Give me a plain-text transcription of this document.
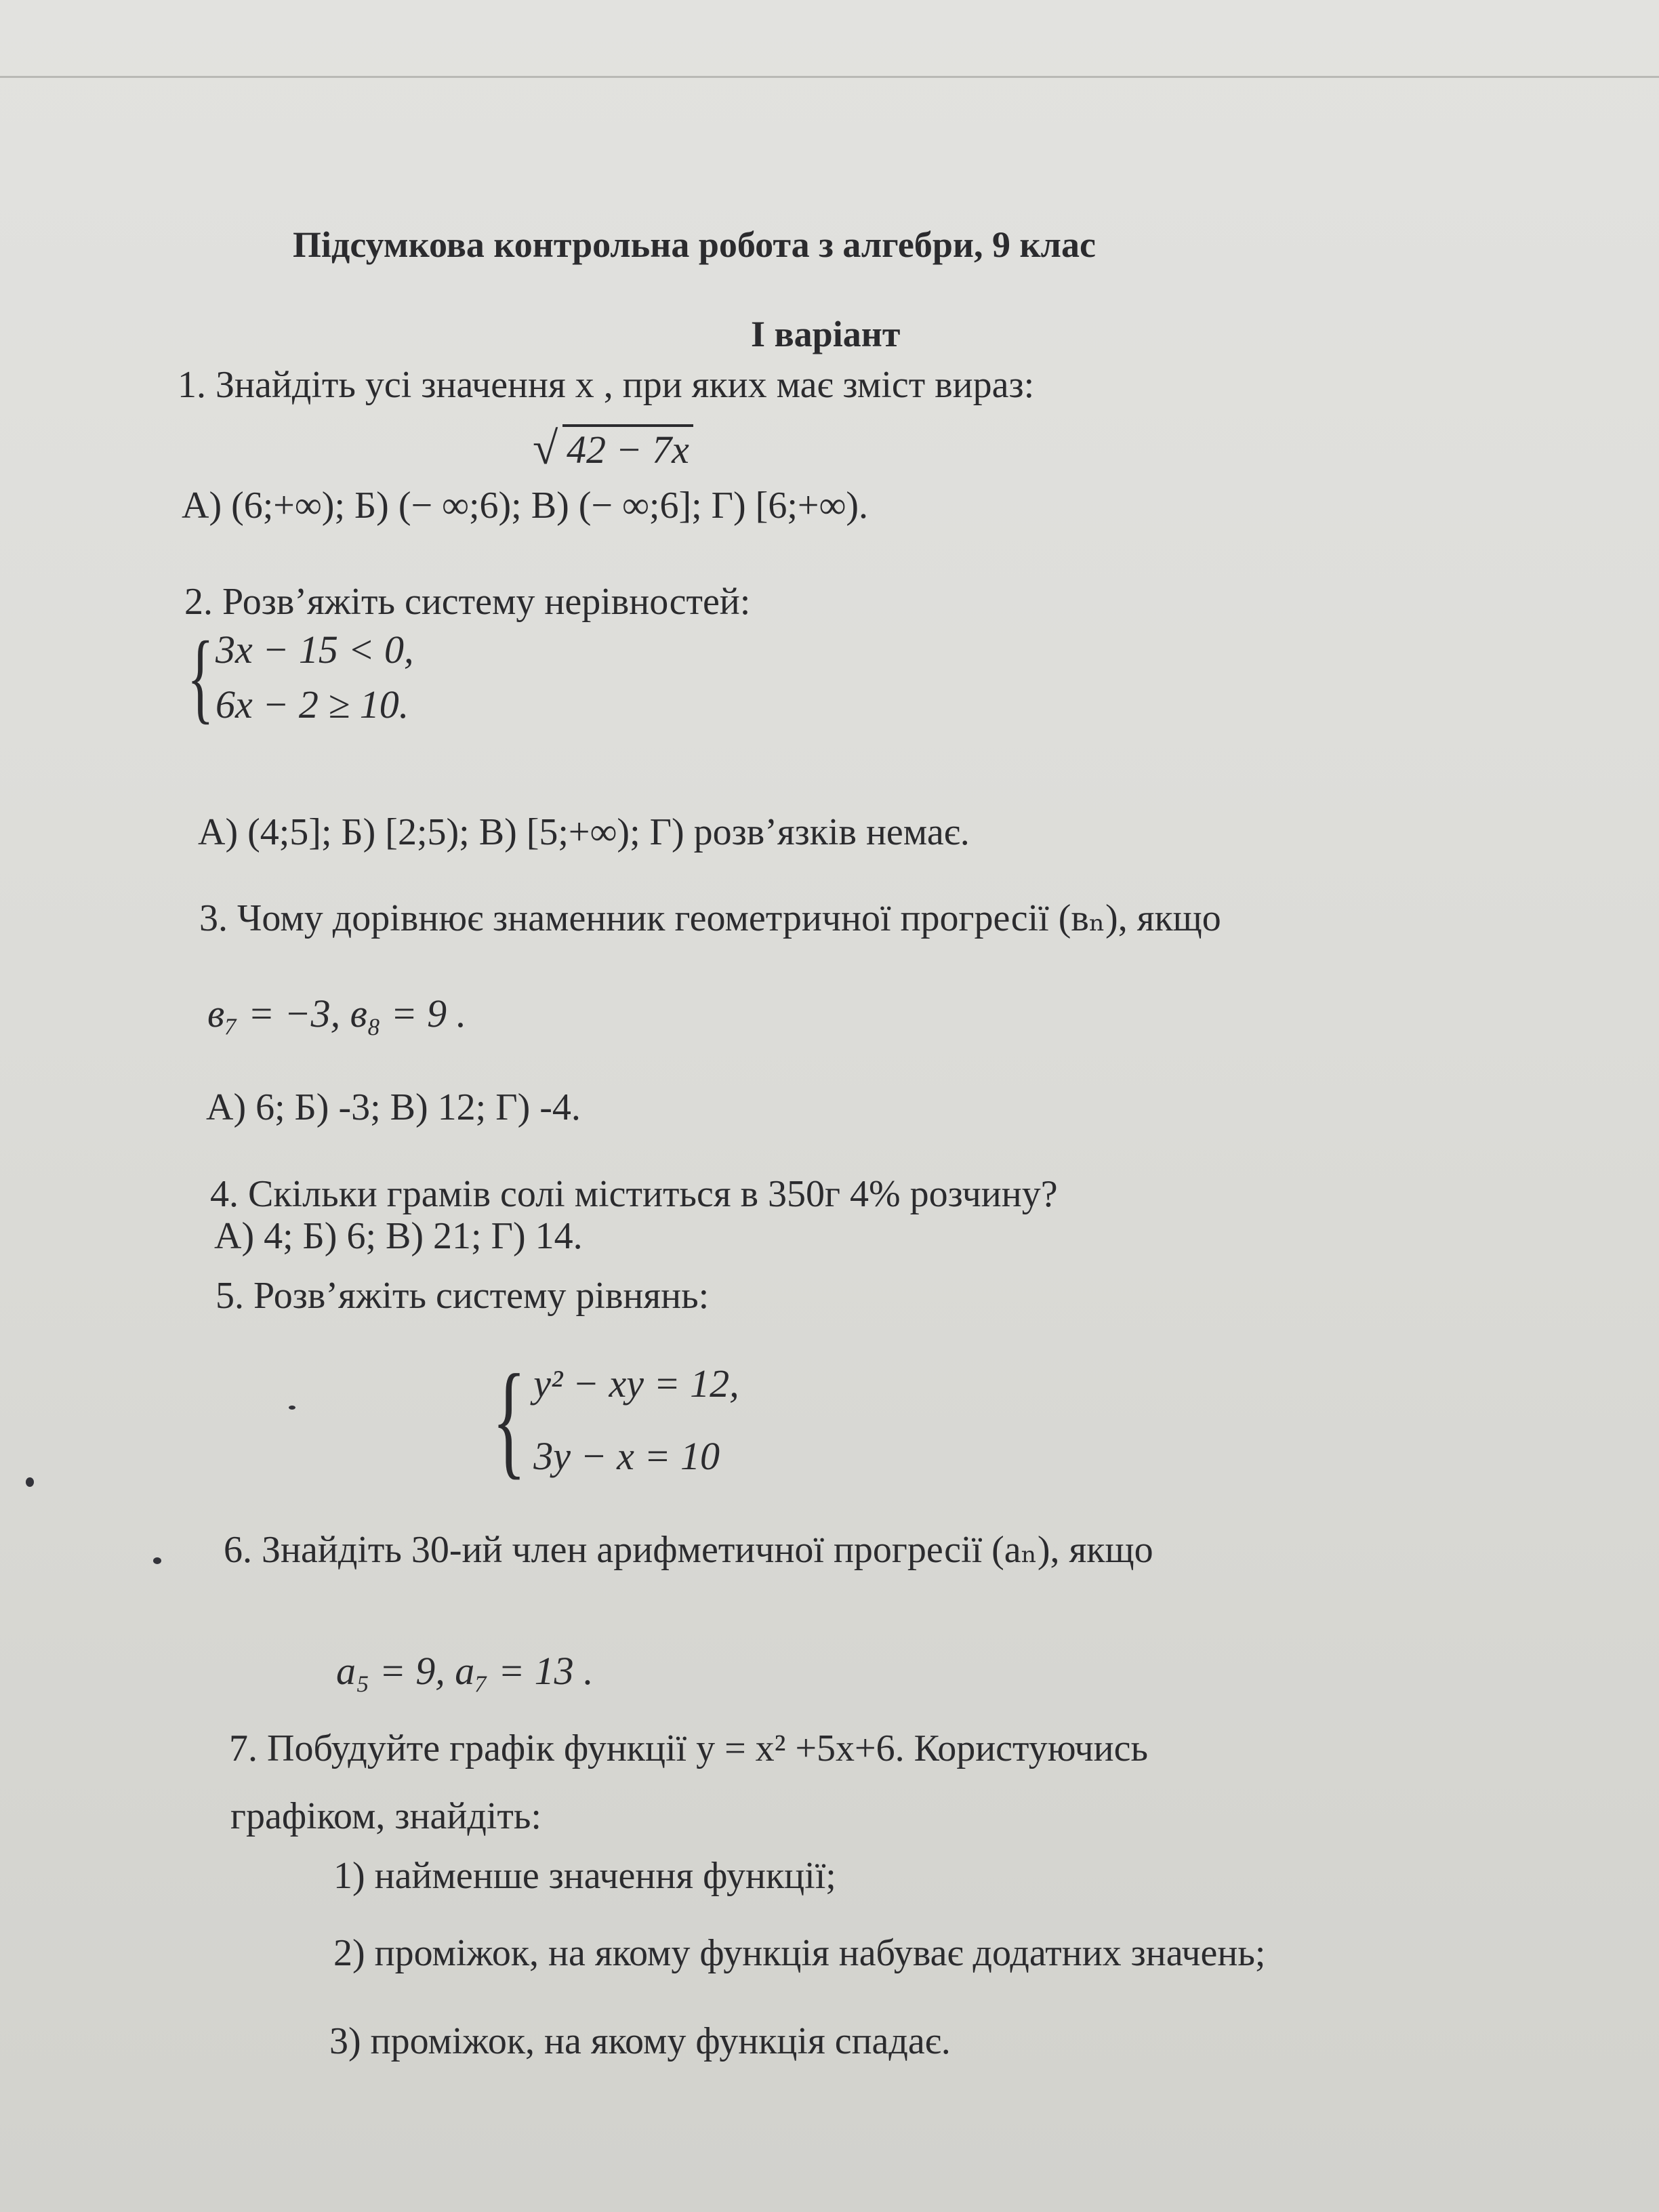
Підсумкова контрольна робота з алгебри, 9 клас
І варіант
1. Знайдіть усі значення x , при яких має зміст вираз:
√ 42 − 7x
А) (6;+∞); Б) (− ∞;6); В) (− ∞;6]; Г) [6;+∞).
2. Розв’яжіть систему нерівностей:
{ 3x − 15 < 0,
6x − 2 ≥ 10.
А) (4;5]; Б) [2;5); В) [5;+∞); Г) розв’язків немає.
3. Чому дорівнює знаменник геометричної прогресії (вₙ), якщо
в₇ = −3, в₈ = 9 .
А) 6; Б) -3; В) 12; Г) -4.
4. Скільки грамів солі міститься в 350г 4% розчину?
А) 4; Б) 6; В) 21; Г) 14.
5. Розв’яжіть систему рівнянь:
{ y² − xy = 12,
3y − x = 10
6. Знайдіть 30-ий член арифметичної прогресії (aₙ), якщо
a₅ = 9, a₇ = 13 .
7. Побудуйте графік функції y = x² +5x+6. Користуючись
графіком, знайдіть:
1) найменше значення функції;
2) проміжок, на якому функція набуває додатних значень;
3) проміжок, на якому функція спадає.
